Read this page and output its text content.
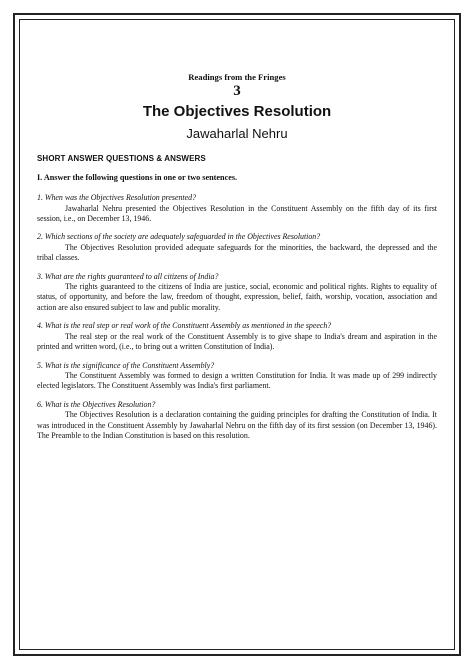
Readings from the Fringes

3

The Objectives Resolution

Jawaharlal Nehru

SHORT ANSWER QUESTIONS & ANSWERS

I. Answer the following questions in one or two sentences.

1. When was the Objectives Resolution presented?

Jawaharlal Nehru presented the Objectives Resolution in the Constituent Assembly on the fifth day of its first session, i.e., on December 13, 1946.

2. Which sections of the society are adequately safeguarded in the Objectives Resolution?

The Objectives Resolution provided adequate safeguards for the minorities, the backward, the depressed and the tribal classes.

3. What are the rights guaranteed to all citizens of India?

The rights guaranteed to the citizens of India are justice, social, economic and political rights. Rights to equality of status, of opportunity, and before the law, freedom of thought, expression, belief, faith, worship, vocation, association and action are also ensured subject to law and public morality.

4. What is the real step or real work of the Constituent Assembly as mentioned in the speech?

The real step or the real work of the Constituent Assembly is to give shape to India's dream and aspiration in the printed and written word, (i.e., to bring out a written Constitution of India).

5. What is the significance of the Constituent Assembly?

The Constituent Assembly was formed to design a written Constitution for India. It was made up of 299 indirectly elected legislators. The Constituent Assembly was India's first parliament.

6. What is the Objectives Resolution?

The Objectives Resolution is a declaration containing the guiding principles for drafting the Constitution of India. It was introduced in the Constituent Assembly by Jawaharlal Nehru on the fifth day of its first session (on December 13, 1946). The Preamble to the Indian Constitution is based on this resolution.
